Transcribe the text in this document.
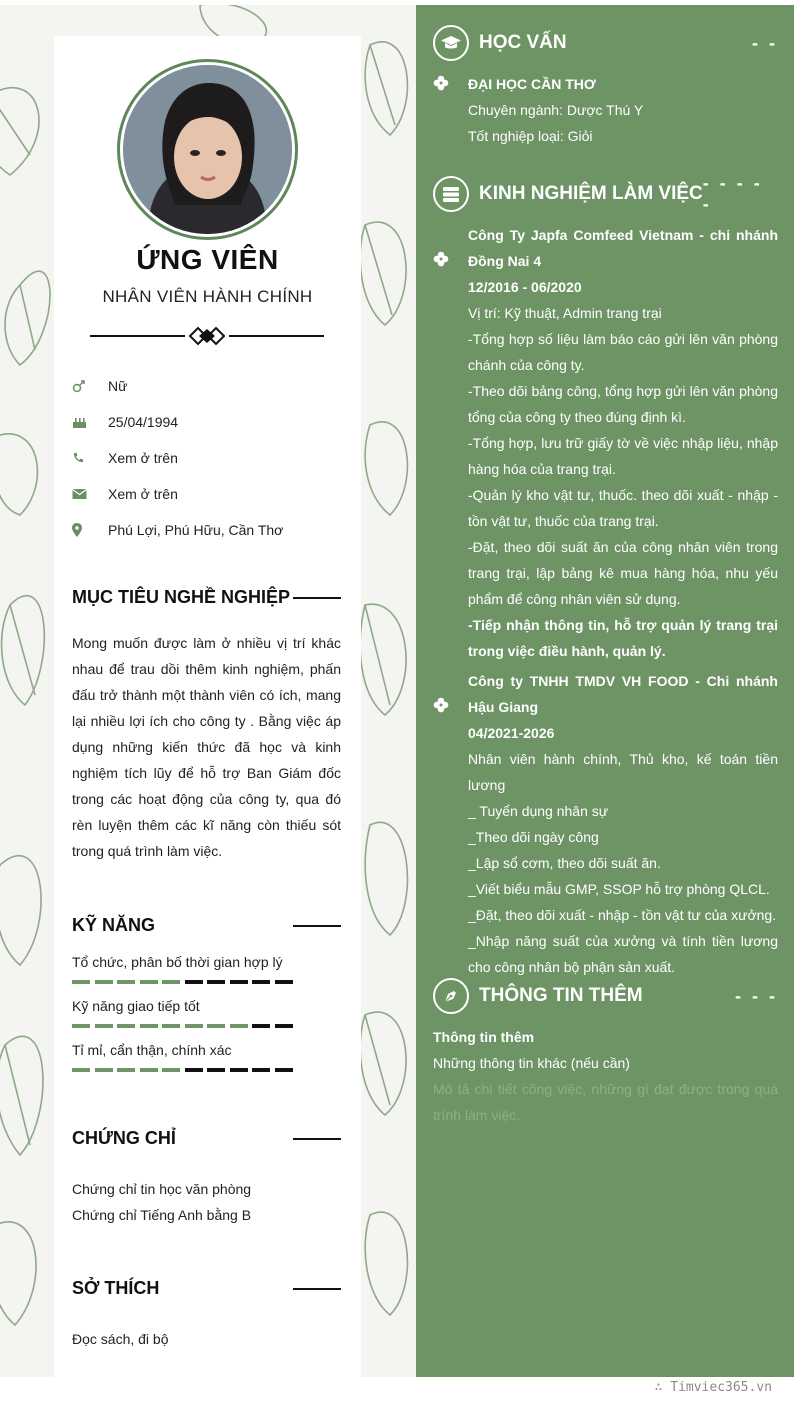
ỨNG VIÊN
NHÂN VIÊN HÀNH CHÍNH
Nữ
25/04/1994
Xem ở trên
Xem ở trên
Phú Lợi, Phú Hữu, Cần Thơ
MỤC TIÊU NGHỀ NGHIỆP
Mong muốn được làm ở nhiều vị trí khác nhau để trau dồi thêm kinh nghiệm, phấn đấu trở thành một thành viên có ích, mang lại nhiều lợi ích cho công ty . Bằng việc áp dụng những kiến thức đã học và kinh nghiệm tích lũy để hỗ trợ Ban Giám đốc trong các hoạt động của công ty, qua đó rèn luyện thêm các kĩ năng còn thiếu sót trong quá trình làm việc.
KỸ NĂNG
Tổ chức, phân bố thời gian hợp lý
Kỹ năng giao tiếp tốt
Tỉ mỉ, cẩn thận, chính xác
CHỨNG CHỈ
Chứng chỉ tin học văn phòng
Chứng chỉ Tiếng Anh bằng B
SỞ THÍCH
Đọc sách, đi bộ
HỌC VẤN	- -
ĐẠI HỌC CẦN THƠ
Chuyên ngành: Dược Thú Y
Tốt nghiệp loại: Giỏi
KINH NGHIỆM LÀM VIỆC - - - - -
Công Ty Japfa Comfeed Vietnam - chi nhánh Đồng Nai 4
12/2016 - 06/2020
Vị trí: Kỹ thuật, Admin trang trại
-Tổng hợp số liệu làm báo cáo gửi lên văn phòng chánh của công ty.
-Theo dõi bảng công, tổng hợp gửi lên văn phòng tổng của công ty theo đúng định kì.
-Tổng hợp, lưu trữ giấy tờ về việc nhập liệu, nhập hàng hóa của trang trại.
-Quản lý kho vật tư, thuốc. theo dõi xuất - nhập - tồn vật tư, thuốc của trang trại.
-Đặt, theo dõi suất ăn của công nhân viên trong trang trại, lập bảng kê mua hàng hóa, nhu yếu phẩm để công nhân viên sử dụng.
-Tiếp nhận thông tin, hỗ trợ quản lý trang trại trong việc điều hành, quản lý.
Công ty TNHH TMDV VH FOOD - Chi nhánh Hậu Giang
04/2021-2026
Nhân viên hành chính, Thủ kho, kế toán tiền lương
_ Tuyển dụng nhân sự
_Theo dõi ngày công
_Lập sổ cơm, theo dõi suất ăn.
_Viết biểu mẫu GMP, SSOP hỗ trợ phòng QLCL.
_Đặt, theo dõi xuất - nhập - tồn vật tư của xưởng.
_Nhập năng suất của xưởng và tính tiền lương cho công nhân bộ phận sản xuất.
THÔNG TIN THÊM	- - -
Thông tin thêm
Những thông tin khác (nếu cần)
Mô tả chi tiết công việc, những gì đạt được trong quá trình làm việc.
∴ Timviec365.vn
